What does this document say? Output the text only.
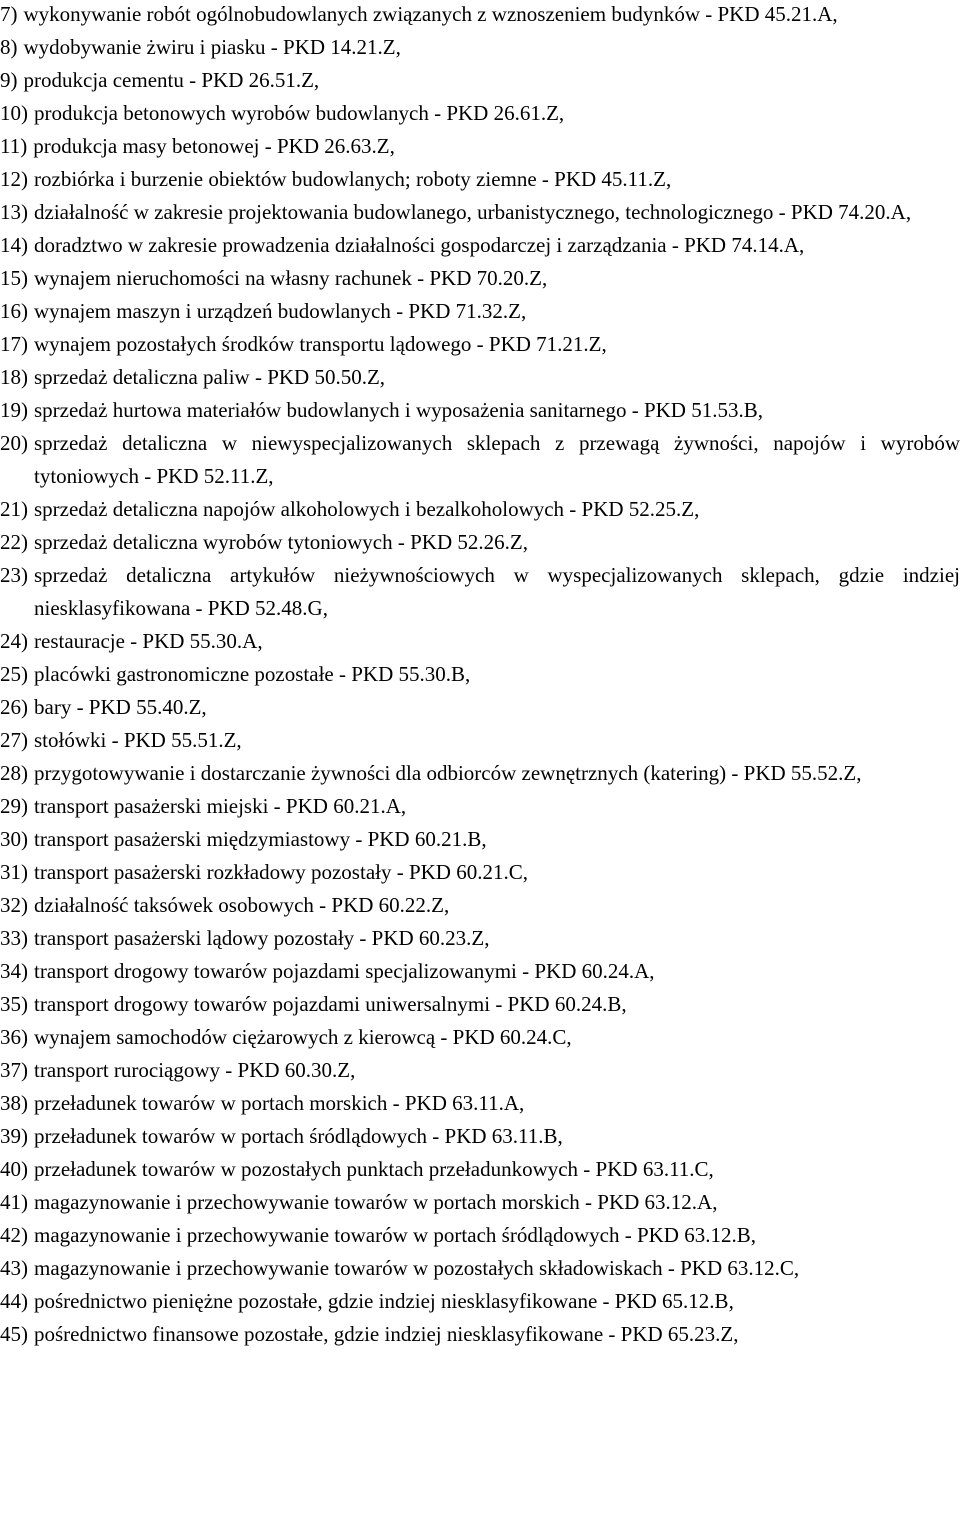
7) wykonywanie robót ogólnobudowlanych związanych z wznoszeniem budynków - PKD 45.21.A,
8) wydobywanie żwiru i piasku - PKD 14.21.Z,
9) produkcja cementu - PKD 26.51.Z,
10) produkcja betonowych wyrobów budowlanych - PKD 26.61.Z,
11) produkcja masy betonowej - PKD 26.63.Z,
12) rozbiórka i burzenie obiektów budowlanych; roboty ziemne - PKD 45.11.Z,
13) działalność w zakresie projektowania budowlanego, urbanistycznego, technologicznego - PKD 74.20.A,
14) doradztwo w zakresie prowadzenia działalności gospodarczej i zarządzania - PKD 74.14.A,
15) wynajem nieruchomości na własny rachunek - PKD 70.20.Z,
16) wynajem maszyn i urządzeń budowlanych - PKD 71.32.Z,
17) wynajem pozostałych środków transportu lądowego - PKD 71.21.Z,
18) sprzedaż detaliczna paliw - PKD 50.50.Z,
19) sprzedaż hurtowa materiałów budowlanych i wyposażenia sanitarnego - PKD 51.53.B,
20) sprzedaż detaliczna w niewyspecjalizowanych sklepach z przewagą żywności, napojów i wyrobów tytoniowych - PKD 52.11.Z,
21) sprzedaż detaliczna napojów alkoholowych i bezalkoholowych - PKD 52.25.Z,
22) sprzedaż detaliczna wyrobów tytoniowych - PKD 52.26.Z,
23) sprzedaż detaliczna artykułów nieżywnościowych w wyspecjalizowanych sklepach, gdzie indziej niesklasyfikowana - PKD 52.48.G,
24) restauracje - PKD 55.30.A,
25) placówki gastronomiczne pozostałe - PKD 55.30.B,
26) bary - PKD 55.40.Z,
27) stołówki - PKD 55.51.Z,
28) przygotowywanie i dostarczanie żywności dla odbiorców zewnętrznych (katering) - PKD 55.52.Z,
29) transport pasażerski miejski - PKD 60.21.A,
30) transport pasażerski międzymiastowy - PKD 60.21.B,
31) transport pasażerski rozkładowy pozostały - PKD 60.21.C,
32) działalność taksówek osobowych - PKD 60.22.Z,
33) transport pasażerski lądowy pozostały - PKD 60.23.Z,
34) transport drogowy towarów pojazdami specjalizowanymi - PKD 60.24.A,
35) transport drogowy towarów pojazdami uniwersalnymi - PKD 60.24.B,
36) wynajem samochodów ciężarowych z kierowcą - PKD 60.24.C,
37) transport rurociągowy - PKD 60.30.Z,
38) przeładunek towarów w portach morskich - PKD 63.11.A,
39) przeładunek towarów w portach śródlądowych - PKD 63.11.B,
40) przeładunek towarów w pozostałych punktach przeładunkowych - PKD 63.11.C,
41) magazynowanie i przechowywanie towarów w portach morskich - PKD 63.12.A,
42) magazynowanie i przechowywanie towarów w portach śródlądowych - PKD 63.12.B,
43) magazynowanie i przechowywanie towarów w pozostałych składowiskach - PKD 63.12.C,
44) pośrednictwo pieniężne pozostałe, gdzie indziej niesklasyfikowane - PKD 65.12.B,
45) pośrednictwo finansowe pozostałe, gdzie indziej niesklasyfikowane - PKD 65.23.Z,
